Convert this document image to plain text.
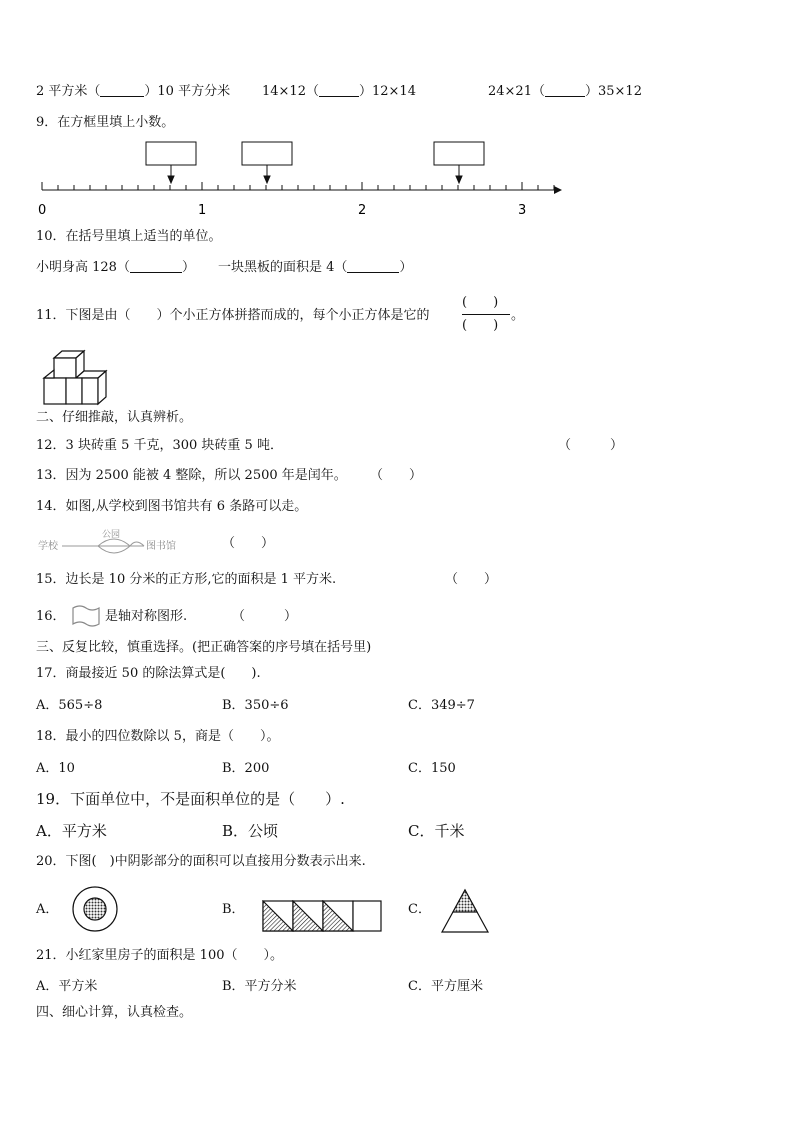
2 平方米（	）10 平方分米 14×12（	）12×14	24×21（	）35×12
9．在方框里填上小数。
0	1	2	3
10．在括号里填上适当的单位。
小明身高 128（	） 一块黑板的面积是 4（	）
11．下图是由（　　）个小正方体拼搭而成的，每个小正方体是它的
(　　)
(　　)
。
二、仔细推敲，认真辨析。
12．3 块砖重 5 千克，300 块砖重 5 吨．	（　　　）
13．因为 2500 能被 4 整除，所以 2500 年是闰年。 （　　）
14．如图,从学校到图书馆共有 6 条路可以走。
学校
公园
图书馆	（　　）
15．边长是 10 分米的正方形,它的面积是 1 平方米.	（　　）
16．	是轴对称图形.	（　　　）
三、反复比较，慎重选择。(把正确答案的序号填在括号里)
17．商最接近 50 的除法算式是(　　).
A．565÷8	B．350÷6	C．349÷7
18．最小的四位数除以 5，商是（　　）。
A．10	B．200	C．150
19．下面单位中，不是面积单位的是（　　）.
A．平方米	B．公顷	C．千米
20．下图(　)中阴影部分的面积可以直接用分数表示出来.
A．	B．	C．
21．小红家里房子的面积是 100（　　）。
A．平方米	B．平方分米	C．平方厘米
四、细心计算，认真检查。
